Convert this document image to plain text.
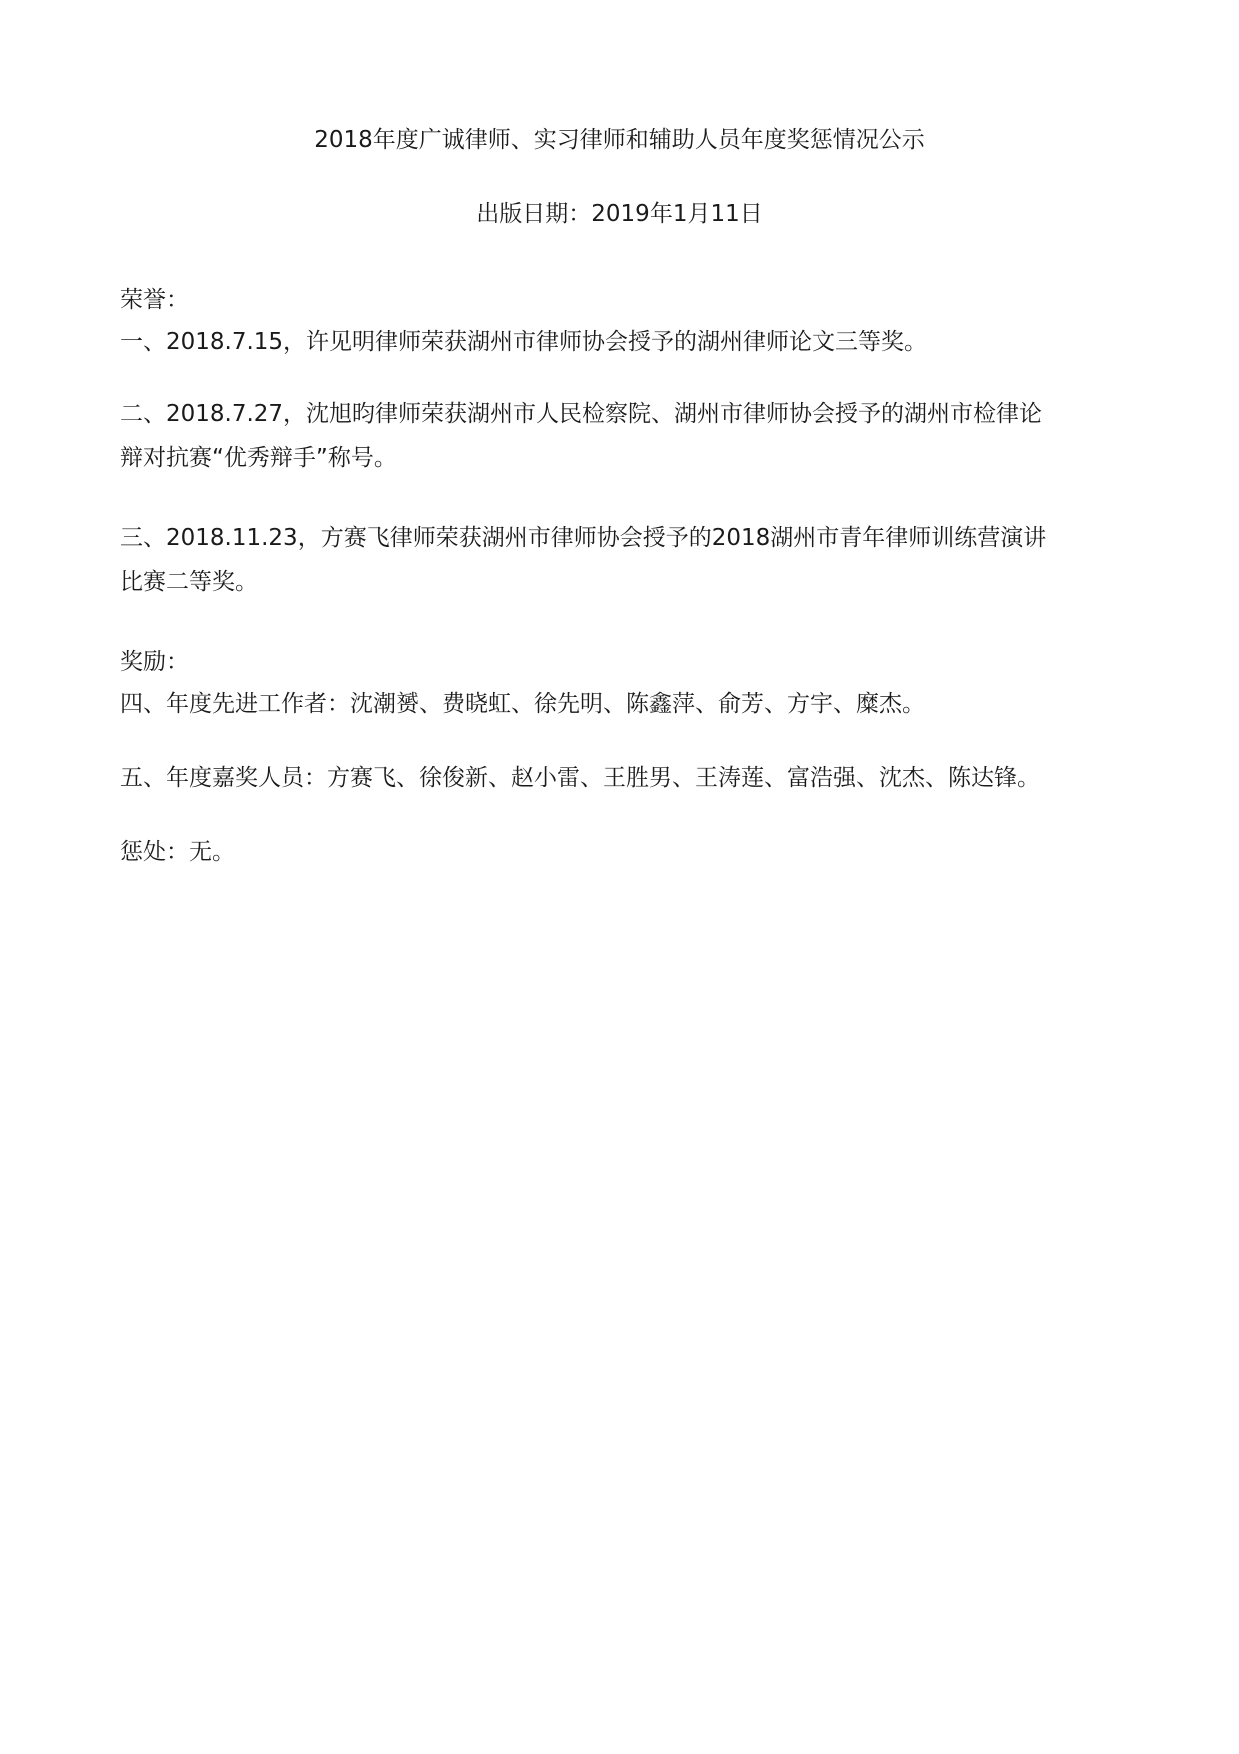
2018年度广诚律师、实习律师和辅助人员年度奖惩情况公示
出版日期：2019年1月11日
荣誉：
一、2018.7.15，许见明律师荣获湖州市律师协会授予的湖州律师论文三等奖。
二、2018.7.27，沈旭昀律师荣获湖州市人民检察院、湖州市律师协会授予的湖州市检律论
辩对抗赛“优秀辩手”称号。
三、2018.11.23，方赛飞律师荣获湖州市律师协会授予的2018湖州市青年律师训练营演讲
比赛二等奖。
奖励：
四、年度先进工作者：沈潮赟、费晓虹、徐先明、陈鑫萍、俞芳、方宇、糜杰。
五、年度嘉奖人员：方赛飞、徐俊新、赵小雷、王胜男、王涛莲、富浩强、沈杰、陈达锋。
惩处：无。
